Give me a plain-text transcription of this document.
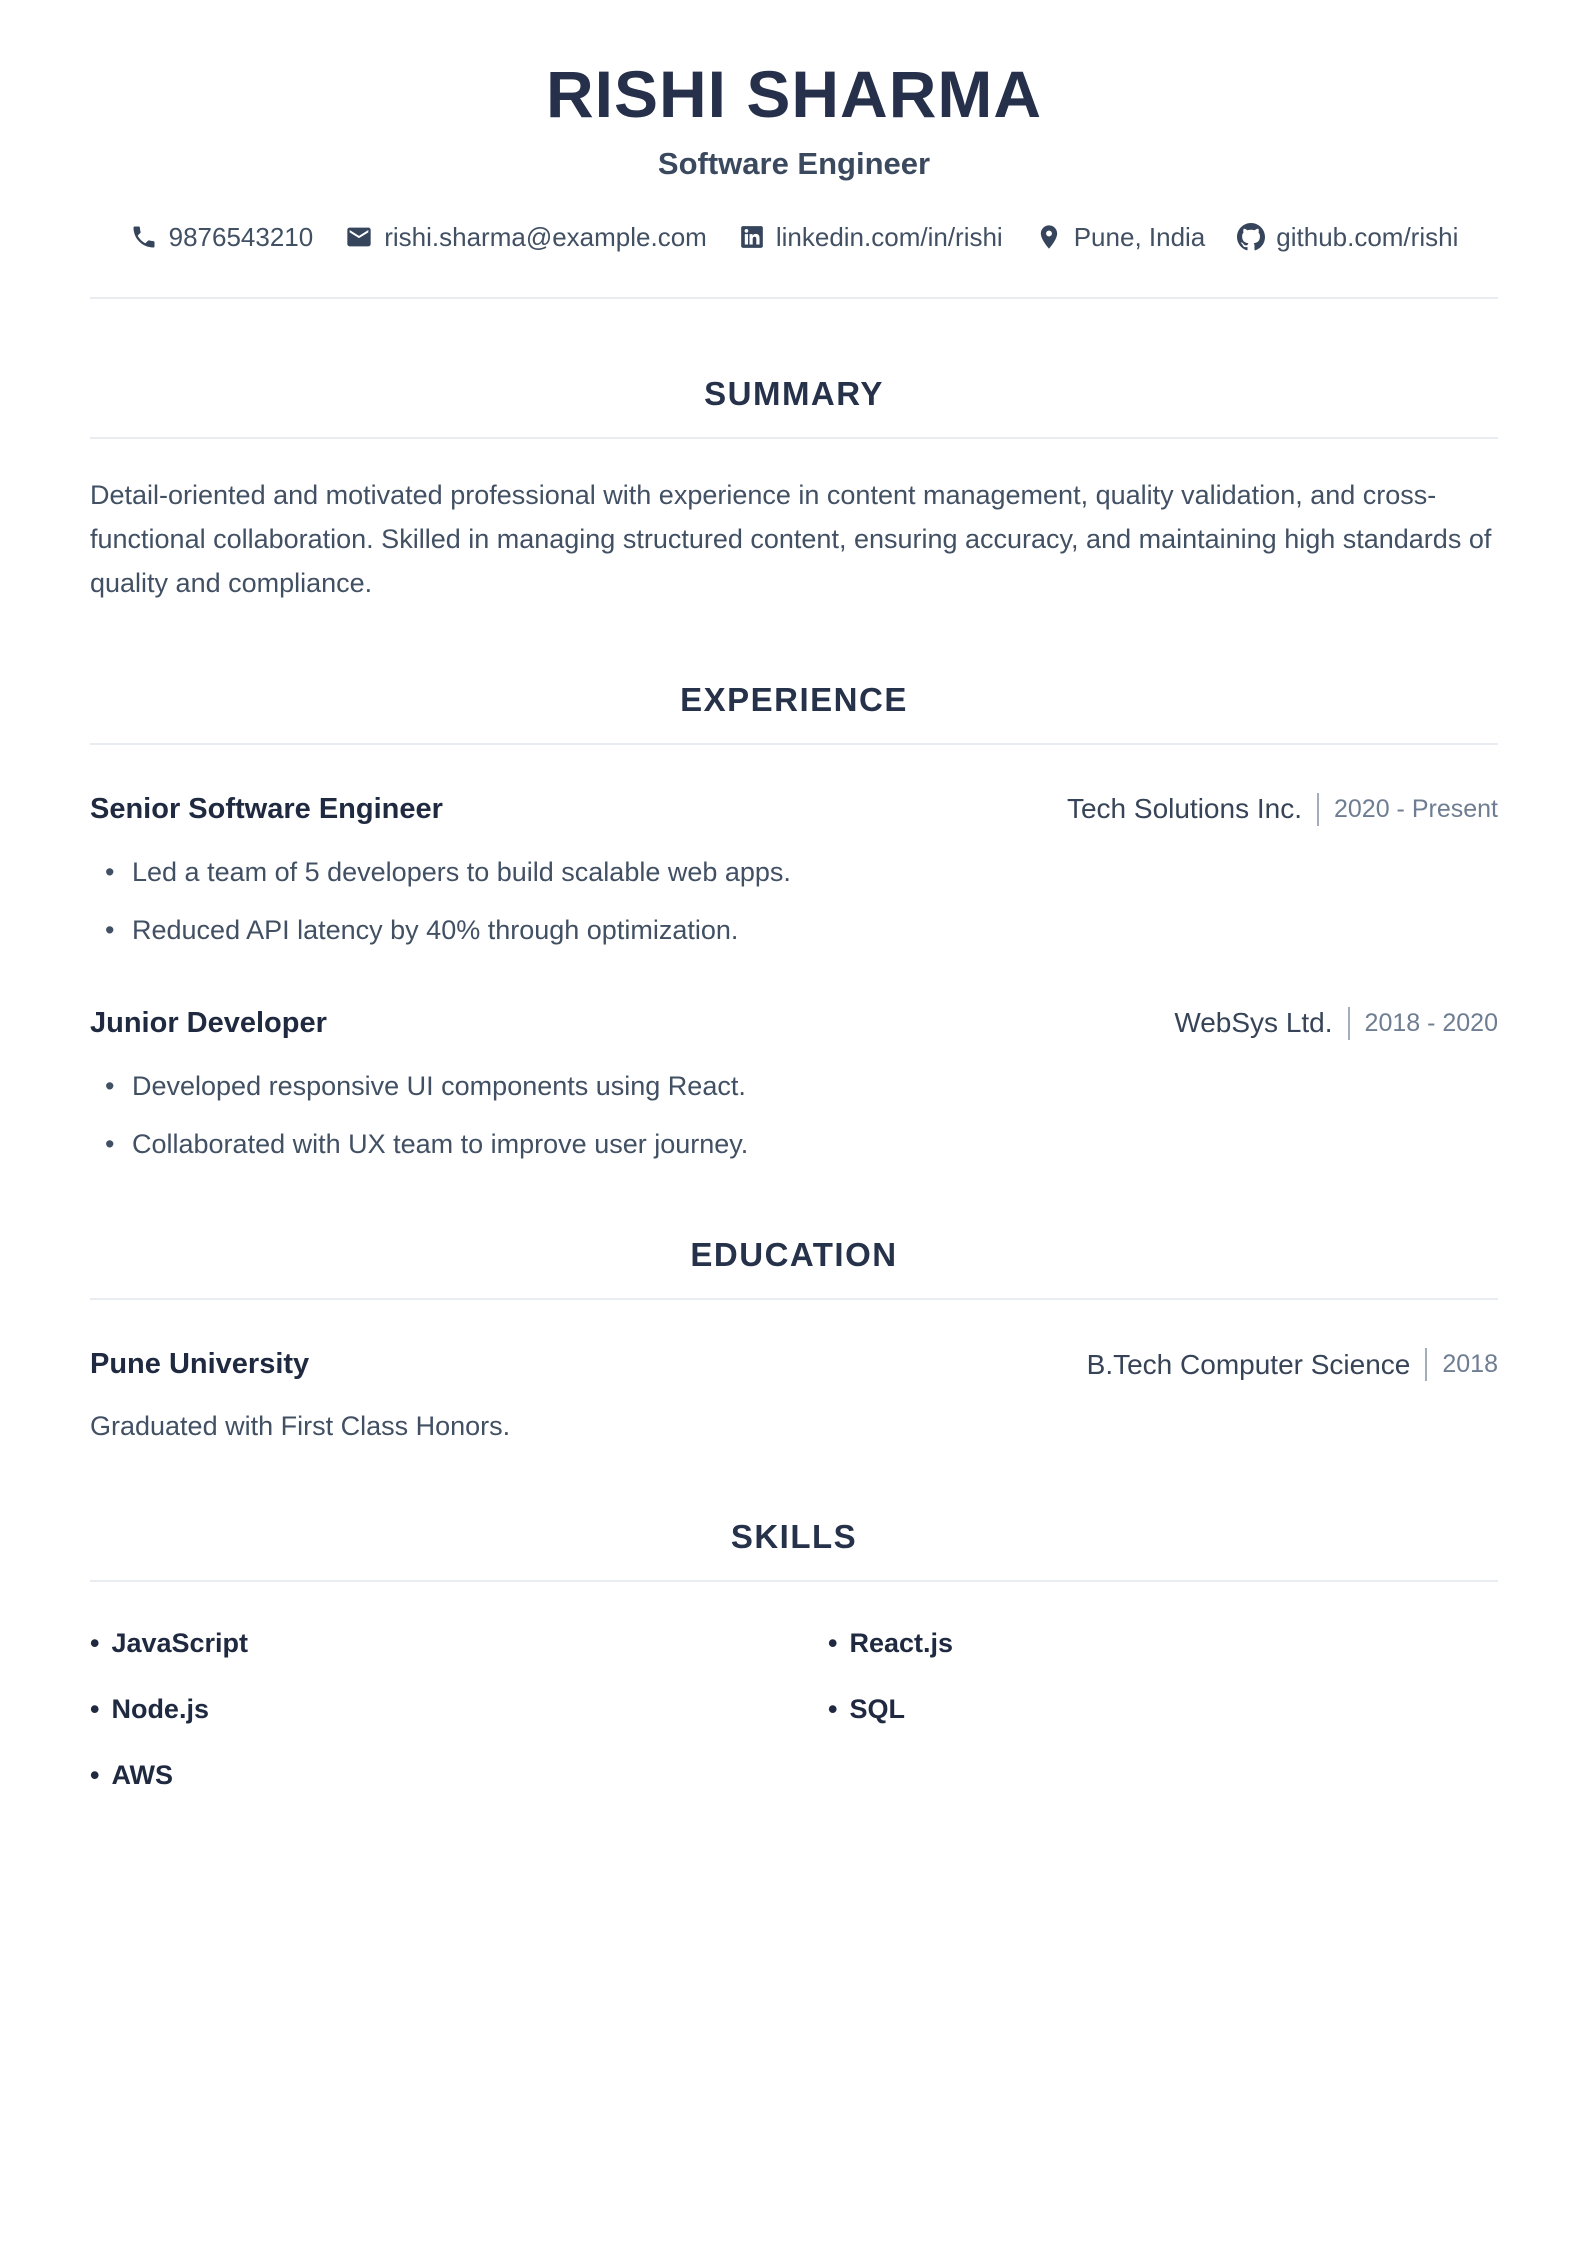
RISHI SHARMA
Software Engineer
9876543210	rishi.sharma@example.com	linkedin.com/in/rishi	Pune, India	github.com/rishi
SUMMARY

Detail-oriented and motivated professional with experience in content management, quality validation, and cross-functional collaboration. Skilled in managing structured content, ensuring accuracy, and maintaining high standards of quality and compliance.

EXPERIENCE
Senior Software Engineer	Tech Solutions Inc. 2020 - Present
• Led a team of 5 developers to build scalable web apps.
• Reduced API latency by 40% through optimization.
Junior Developer	WebSys Ltd. 2018 - 2020
• Developed responsive UI components using React.
• Collaborated with UX team to improve user journey.
EDUCATION
Pune University	B.Tech Computer Science 2018
Graduated with First Class Honors.
SKILLS
• JavaScript
• Node.js
• AWS
• React.js
• SQL
